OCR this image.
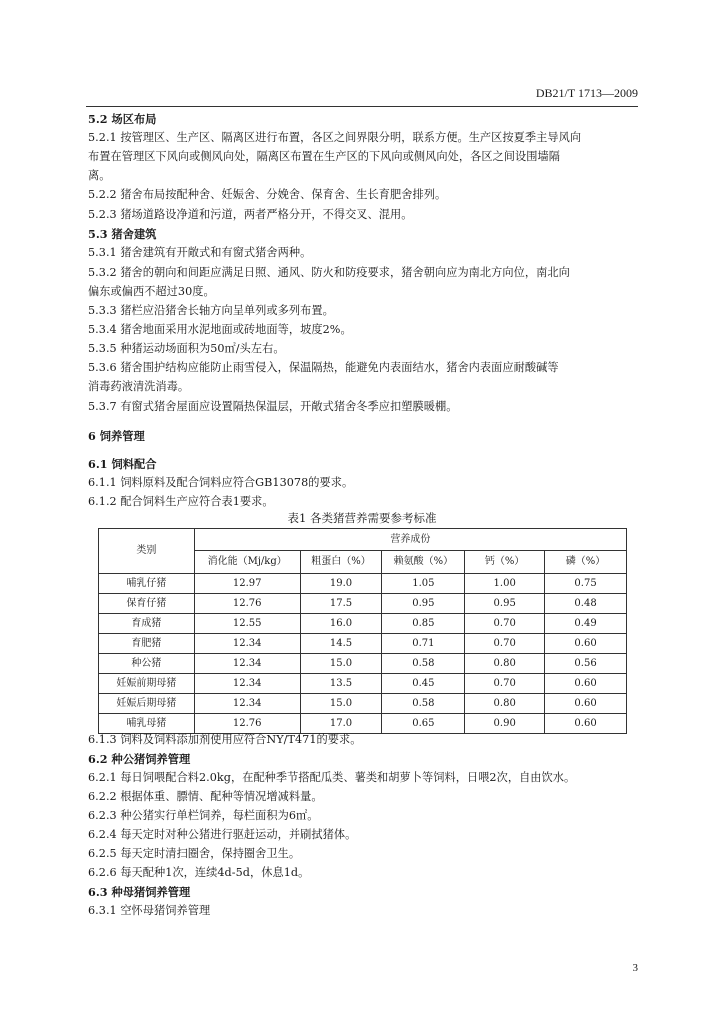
DB21/T 1713—2009
5.2 场区布局
5.2.1 按管理区、生产区、隔离区进行布置，各区之间界限分明，联系方便。生产区按夏季主导风向
布置在管理区下风向或侧风向处，隔离区布置在生产区的下风向或侧风向处，各区之间设围墙隔
离。
5.2.2 猪舍布局按配种舍、妊娠舍、分娩舍、保育舍、生长育肥舍排列。
5.2.3 猪场道路设净道和污道，两者严格分开，不得交叉、混用。
5.3 猪舍建筑
5.3.1 猪舍建筑有开敞式和有窗式猪舍两种。
5.3.2 猪舍的朝向和间距应满足日照、通风、防火和防疫要求，猪舍朝向应为南北方向位，南北向
偏东或偏西不超过30度。
5.3.3 猪栏应沿猪舍长轴方向呈单列或多列布置。
5.3.4 猪舍地面采用水泥地面或砖地面等，坡度2%。
5.3.5 种猪运动场面积为50㎡/头左右。
5.3.6 猪舍围护结构应能防止雨雪侵入，保温隔热，能避免内表面结水，猪舍内表面应耐酸碱等
消毒药液清洗消毒。
5.3.7 有窗式猪舍屋面应设置隔热保温层，开敞式猪舍冬季应扣塑膜暖棚。
6 饲养管理
6.1 饲料配合
6.1.1 饲料原料及配合饲料应符合GB13078的要求。
6.1.2 配合饲料生产应符合表1要求。
表1 各类猪营养需要参考标准
类别	营养成份				
	消化能（Mj/kg）	粗蛋白（%）	赖氨酸（%）	钙（%）	磷（%）
哺乳仔猪	12.97	19.0	1.05	1.00	0.75
保育仔猪	12.76	17.5	0.95	0.95	0.48
育成猪	12.55	16.0	0.85	0.70	0.49
育肥猪	12.34	14.5	0.71	0.70	0.60
种公猪	12.34	15.0	0.58	0.80	0.56
妊娠前期母猪	12.34	13.5	0.45	0.70	0.60
妊娠后期母猪	12.34	15.0	0.58	0.80	0.60
哺乳母猪	12.76	17.0	0.65	0.90	0.60
6.1.3 饲料及饲料添加剂使用应符合NY/T471的要求。
6.2 种公猪饲养管理
6.2.1 每日饲喂配合料2.0kg，在配种季节搭配瓜类、薯类和胡萝卜等饲料，日喂2次，自由饮水。
6.2.2 根据体重、膘情、配种等情况增减料量。
6.2.3 种公猪实行单栏饲养，每栏面积为6㎡。
6.2.4 每天定时对种公猪进行驱赶运动，并刷拭猪体。
6.2.5 每天定时清扫圈舍，保持圈舍卫生。
6.2.6 每天配种1次，连续4d-5d，休息1d。
6.3 种母猪饲养管理
6.3.1 空怀母猪饲养管理
3
